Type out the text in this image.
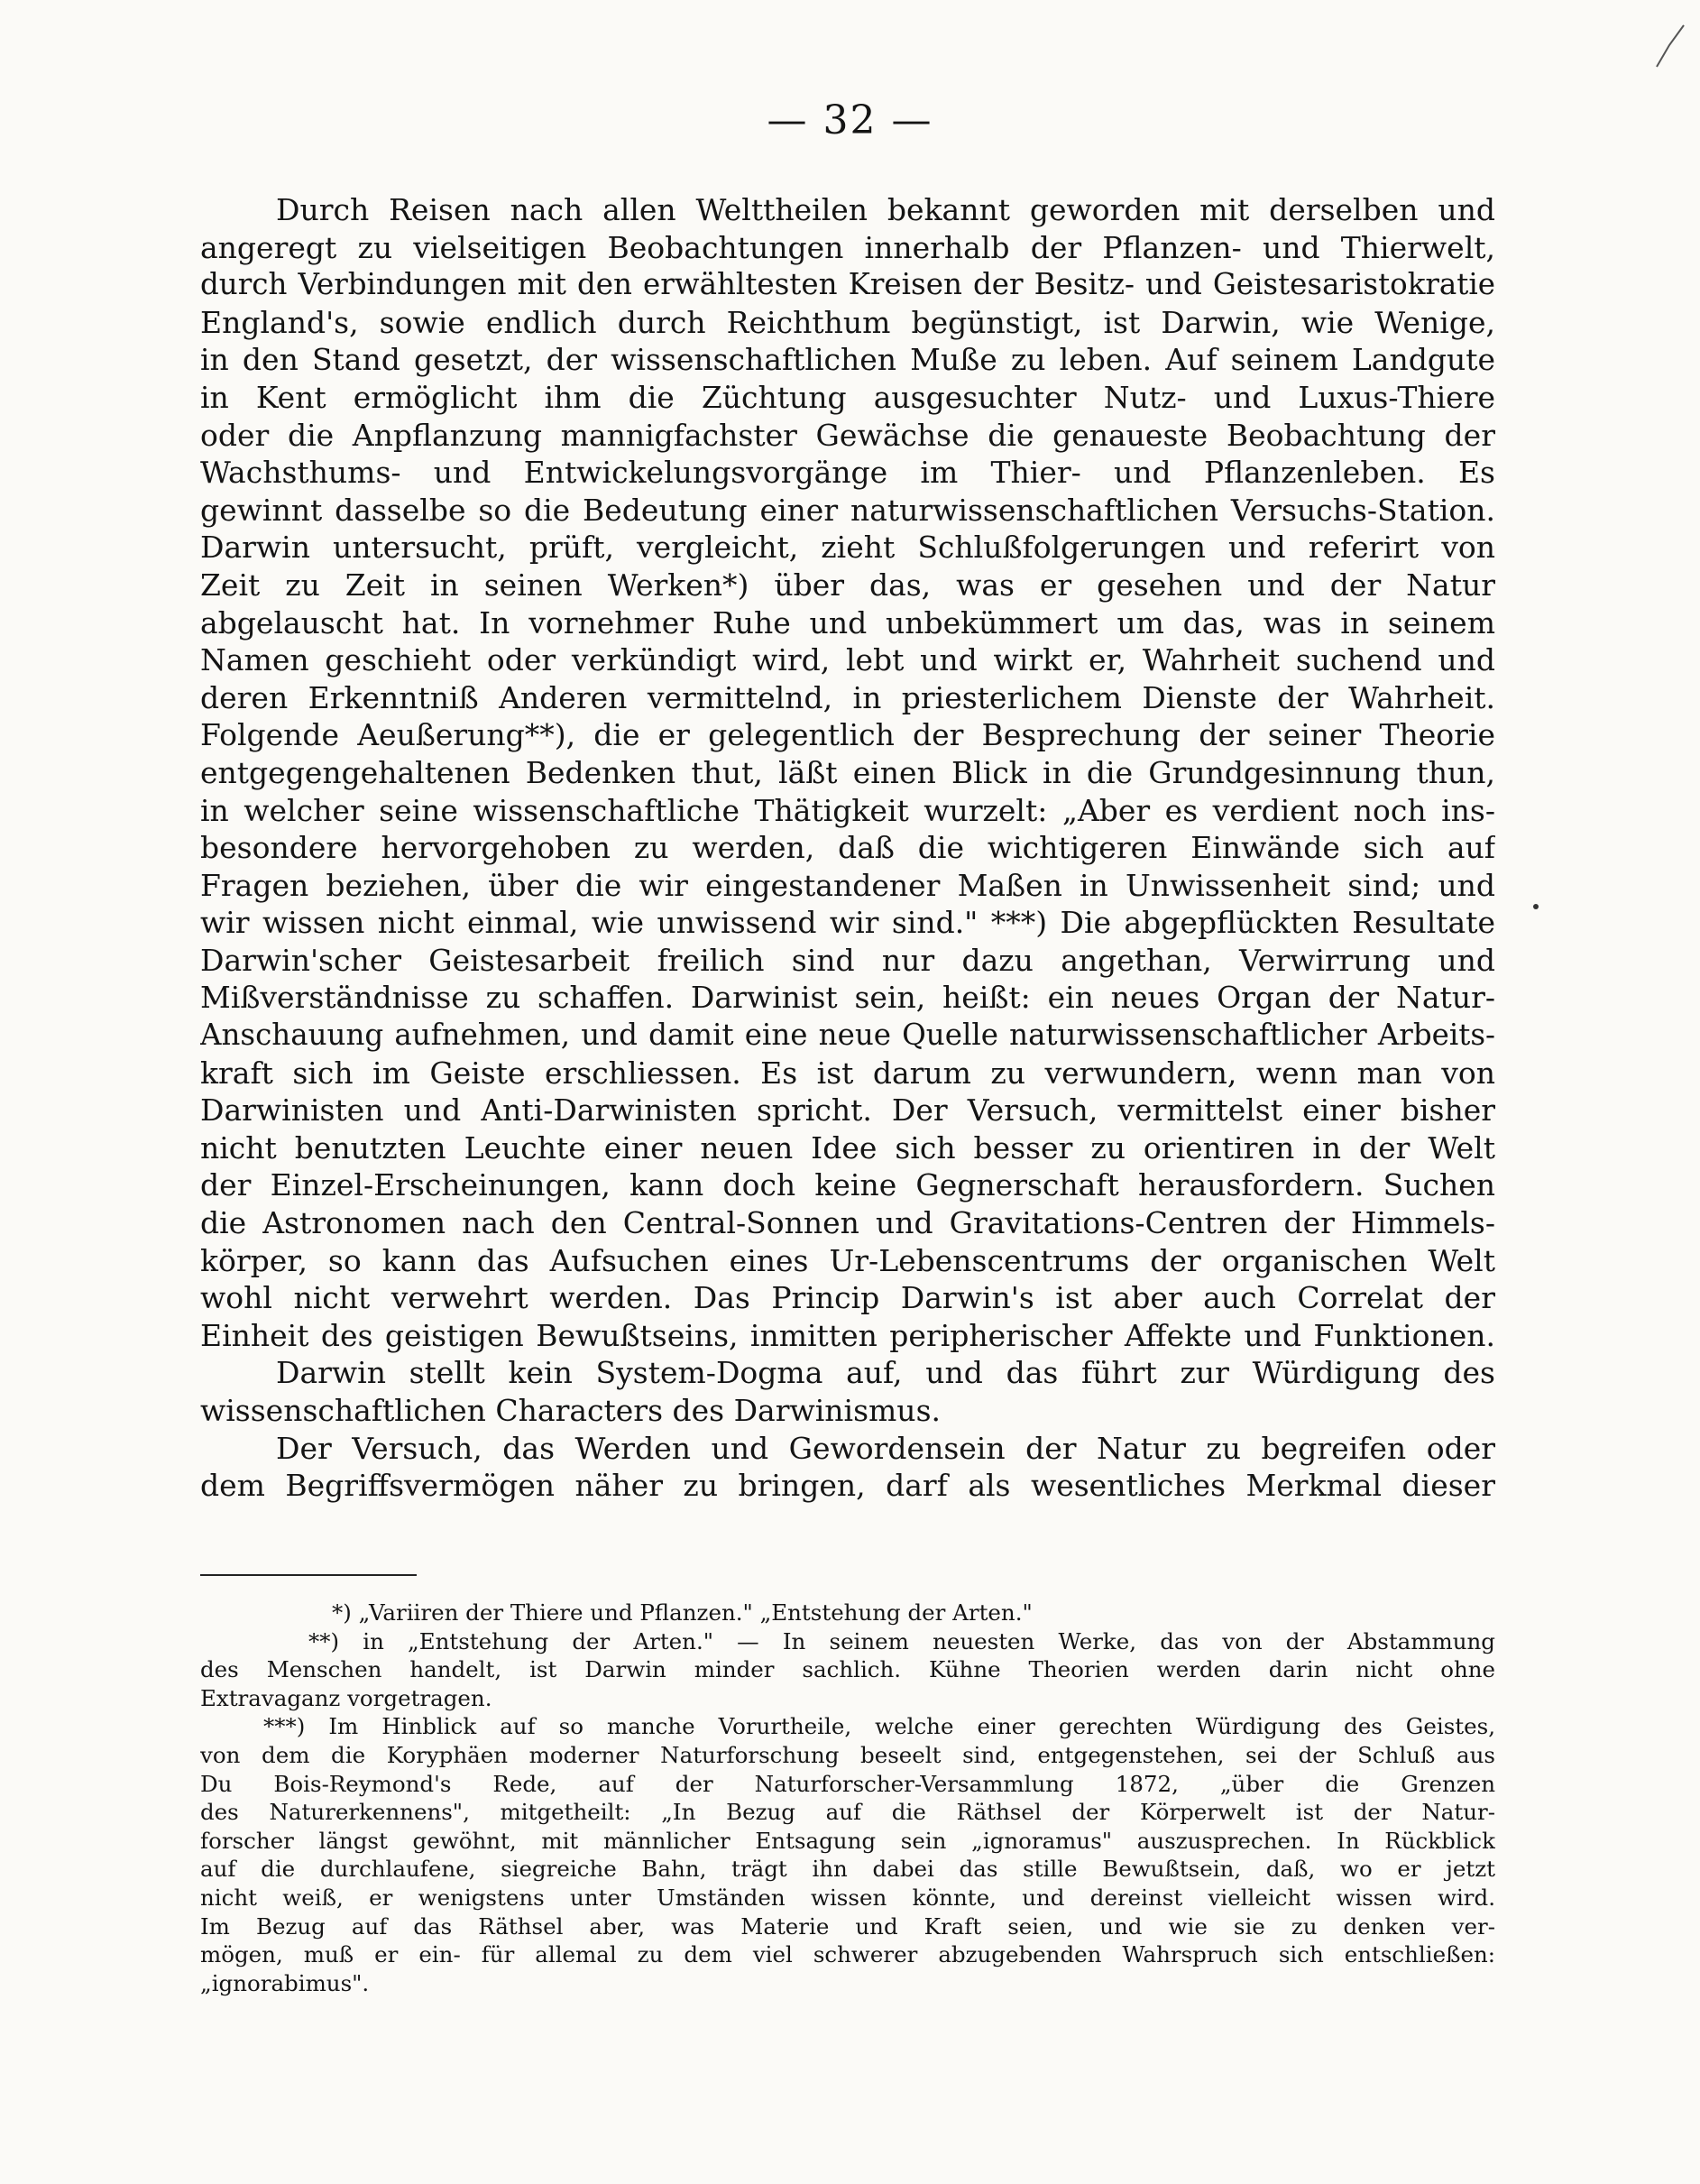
— 32 —
Durch Reisen nach allen Welttheilen bekannt geworden mit derselben und
angeregt zu vielseitigen Beobachtungen innerhalb der Pflanzen- und Thierwelt,
durch Verbindungen mit den erwähltesten Kreisen der Besitz- und Geistesaristokratie
England's, sowie endlich durch Reichthum begünstigt, ist Darwin, wie Wenige,
in den Stand gesetzt, der wissenschaftlichen Muße zu leben. Auf seinem Landgute
in Kent ermöglicht ihm die Züchtung ausgesuchter Nutz- und Luxus-Thiere
oder die Anpflanzung mannigfachster Gewächse die genaueste Beobachtung der
Wachsthums- und Entwickelungsvorgänge im Thier- und Pflanzenleben. Es
gewinnt dasselbe so die Bedeutung einer naturwissenschaftlichen Versuchs-Station.
Darwin untersucht, prüft, vergleicht, zieht Schlußfolgerungen und referirt von
Zeit zu Zeit in seinen Werken*) über das, was er gesehen und der Natur
abgelauscht hat. In vornehmer Ruhe und unbekümmert um das, was in seinem
Namen geschieht oder verkündigt wird, lebt und wirkt er, Wahrheit suchend und
deren Erkenntniß Anderen vermittelnd, in priesterlichem Dienste der Wahrheit.
Folgende Aeußerung**), die er gelegentlich der Besprechung der seiner Theorie
entgegengehaltenen Bedenken thut, läßt einen Blick in die Grundgesinnung thun,
in welcher seine wissenschaftliche Thätigkeit wurzelt: „Aber es verdient noch ins-
besondere hervorgehoben zu werden, daß die wichtigeren Einwände sich auf
Fragen beziehen, über die wir eingestandener Maßen in Unwissenheit sind; und
wir wissen nicht einmal, wie unwissend wir sind." ***) Die abgepflückten Resultate
Darwin'scher Geistesarbeit freilich sind nur dazu angethan, Verwirrung und
Mißverständnisse zu schaffen. Darwinist sein, heißt: ein neues Organ der Natur-
Anschauung aufnehmen, und damit eine neue Quelle naturwissenschaftlicher Arbeits-
kraft sich im Geiste erschliessen. Es ist darum zu verwundern, wenn man von
Darwinisten und Anti-Darwinisten spricht. Der Versuch, vermittelst einer bisher
nicht benutzten Leuchte einer neuen Idee sich besser zu orientiren in der Welt
der Einzel-Erscheinungen, kann doch keine Gegnerschaft herausfordern. Suchen
die Astronomen nach den Central-Sonnen und Gravitations-Centren der Himmels-
körper, so kann das Aufsuchen eines Ur-Lebenscentrums der organischen Welt
wohl nicht verwehrt werden. Das Princip Darwin's ist aber auch Correlat der
Einheit des geistigen Bewußtseins, inmitten peripherischer Affekte und Funktionen.
Darwin stellt kein System-Dogma auf, und das führt zur Würdigung des
wissenschaftlichen Characters des Darwinismus.
Der Versuch, das Werden und Gewordensein der Natur zu begreifen oder
dem Begriffsvermögen näher zu bringen, darf als wesentliches Merkmal dieser
*) „Variiren der Thiere und Pflanzen." „Entstehung der Arten."
**) in „Entstehung der Arten." — In seinem neuesten Werke, das von der Abstammung
des Menschen handelt, ist Darwin minder sachlich. Kühne Theorien werden darin nicht ohne
Extravaganz vorgetragen.
***) Im Hinblick auf so manche Vorurtheile, welche einer gerechten Würdigung des Geistes,
von dem die Koryphäen moderner Naturforschung beseelt sind, entgegenstehen, sei der Schluß aus
Du Bois-Reymond's Rede, auf der Naturforscher-Versammlung 1872, „über die Grenzen
des Naturerkennens", mitgetheilt: „In Bezug auf die Räthsel der Körperwelt ist der Natur-
forscher längst gewöhnt, mit männlicher Entsagung sein „ignoramus" auszusprechen. In Rückblick
auf die durchlaufene, siegreiche Bahn, trägt ihn dabei das stille Bewußtsein, daß, wo er jetzt
nicht weiß, er wenigstens unter Umständen wissen könnte, und dereinst vielleicht wissen wird.
Im Bezug auf das Räthsel aber, was Materie und Kraft seien, und wie sie zu denken ver-
mögen, muß er ein- für allemal zu dem viel schwerer abzugebenden Wahrspruch sich entschließen:
„ignorabimus".
